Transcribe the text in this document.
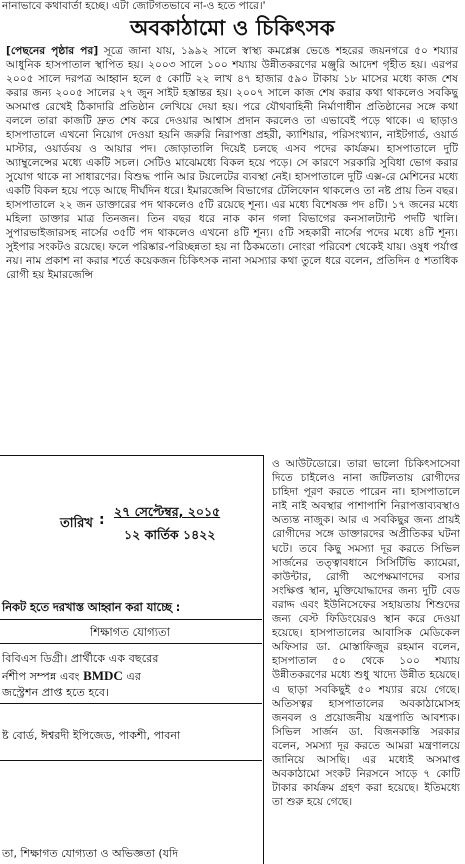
নানাভাবে কথাবার্তা হচ্ছে। এটা জোটগতভাবে না-ও হতে পারে।'
অবকাঠামো ও চিকিৎসক
[পেছনের পৃষ্ঠার পর] সূত্রে জানা যায়, ১৯৯২ সালে স্বাস্থ্য কমপ্লেক্স ভেঙে শহরের জয়নগরে ৫০ শয্যার আধুনিক হাসপাতাল স্থাপিত হয়। ২০০৩ সালে ১০০ শয্যায় উন্নীতকরণের মঞ্জুরি আদেশ গৃহীত হয়। এরপর ২০০৫ সালে দরপত্র আহ্বান হলে ৫ কোটি ২২ লাখ ৪৭ হাজার ৫৯০ টাকায় ১৮ মাসের মধ্যে কাজ শেষ করার জন্য ২০০৫ সালের ২৭ জুন সাইট হস্তান্তর হয়। ২০০৭ সালে কাজ শেষ করার কথা থাকলেও সবকিছু অসমাপ্ত রেখেই ঠিকাদারি প্রতিষ্ঠান লেখিয়ে দেয়া হয়। পরে যৌথবাহিনী নির্মাণাধীন প্রতিষ্ঠানের সঙ্গে কথা বললে তারা কাজটি দ্রুত শেষ করে দেওয়ার আশ্বাস প্রদান করলেও তা এভাবেই পড়ে থাকে। এ ছাড়াও হাসপাতালে এখনো নিয়োগ দেওয়া হয়নি জরুরি নিরাপত্তা প্রহরী, ক্যাশিয়ার, পরিসংখ্যান, নাইটগার্ড, ওয়ার্ড মাস্টার, ওয়ার্ডবয় ও আয়ার পদ। জোড়াতালি দিয়েই চলছে এসব পদের কার্যক্রম। হাসপাতালে দুটি অ্যাম্বুলেন্সের মধ্যে একটি সচল। সেটিও মাঝেমধ্যে বিকল হয়ে পড়ে। সে কারণে সরকারি সুবিধা ভোগ করার সুযোগ থাকে না সাধারণের। বিশুদ্ধ পানি আর টয়লেটের ব্যবস্থা নেই। হাসপাতালে দুটি এক্স-রে মেশিনের মধ্যে একটি বিকল হয়ে পড়ে আছে দীর্ঘদিন ধরে। ইমারজেন্সি বিভাগের টেলিফোন থাকলেও তা নষ্ট প্রায় তিন বছর। হাসপাতালে ২২ জন ডাক্তারের পদ থাকলেও ৫টি রয়েছে শূন্য। এর মধ্যে বিশেষজ্ঞ পদ ৪টি। ১৭ জনের মধ্যে মহিলা ডাক্তার মাত্র তিনজন। তিন বছর ধরে নাক কান গলা বিভাগের কনসালট্যান্ট পদটি খালি। সুপারভাইজারসহ নার্সের ৩৫টি পদ থাকলেও এখনো ৪টি শূন্য। ৫টি সহকারী নার্সের পদের মধ্যে ৪টি শূন্য। সুইপার সংকটও রয়েছে। ফলে পরিষ্কার-পরিচ্ছন্নতা হয় না ঠিকমতো। নোংরা পরিবেশ থেকেই যায়। ওষুধ পর্যাপ্ত নয়। নাম প্রকাশ না করার শর্তে কয়েকজন চিকিৎসক নানা সমস্যার কথা তুলে ধরে বলেন, প্রতিদিন ৫ শতাধিক রোগী হয় ইমারজেন্সি
ও আউটডোরে। তারা ভালো চিকিৎসাসেবা দিতে চাইলেও নানা জটিলতায় রোগীদের চাহিদা পূরণ করতে পারেন না। হাসপাতালে নাই নাই অবস্থার পাশাপাশি নিরাপত্তাব্যবস্থাও অত্যন্ত নাজুক। আর এ সবকিছুর জন্য প্রায়ই রোগীদের সঙ্গে ডাক্তারদের অপ্রীতিকর ঘটনা ঘটে। তবে কিছু সমস্যা দূর করতে সিভিল সার্জনের তত্ত্বাবধানে সিসিটিভি ক্যামেরা, কাউন্টার, রোগী অপেক্ষমাণদের বসার সংক্ষিপ্ত স্থান, মুক্তিযোদ্ধাদের জন্য দুটি বেড বরাদ্দ এবং ইউনিসেফের সহায়তায় শিশুদের জন্য বেস্ট ফিডিংয়েরও স্থান করে দেওয়া হয়েছে। হাসপাতালের আবাসিক মেডিকেল অফিসার ডা. মোস্তাফিজুর রহমান বলেন, হাসপাতাল ৫০ থেকে ১০০ শয্যায় উন্নীতকরণের মধ্যে শুধু খাদ্যে উন্নীত হয়েছে। এ ছাড়া সবকিছুই ৫০ শয্যার রয়ে গেছে। অতিসত্বর হাসপাতালের অবকাঠামোসহ জনবল ও প্রয়োজনীয় যন্ত্রপাতি আবশ্যক। সিভিল সার্জন ডা. বিজনকান্তি সরকার বলেন, সমস্যা দূর করতে আমরা মন্ত্রণালয়ে জানিয়ে আসছি। এর মধ্যেই অসমাপ্ত অবকাঠামো সংকট নিরসনে সাড়ে ৭ কোটি টাকার কার্যক্রম গ্রহণ করা হয়েছে। ইতিমধ্যে তা শুরু হয়ে গেছে।
তারিখ :
২৭ সেপ্টেম্বর, ২০১৫
১২ কার্তিক ১৪২২
নিকট হতে দরখাস্ত আহ্বান করা যাচ্ছে :
শিক্ষাগত যোগ্যতা
বিবিএস ডিগ্রী। প্রার্থীকে এক বছরের
র্নশীপ সম্পন্ন এবং BMDC এর
জস্ট্রেশন প্রাপ্ত হতে হবে।
ষ্ট বোর্ড, ঈশ্বরদী ইপিজেড, পাকশী, পাবনা
তা, শিক্ষাগত যোগ্যতা ও অভিজ্ঞতা (যদি
